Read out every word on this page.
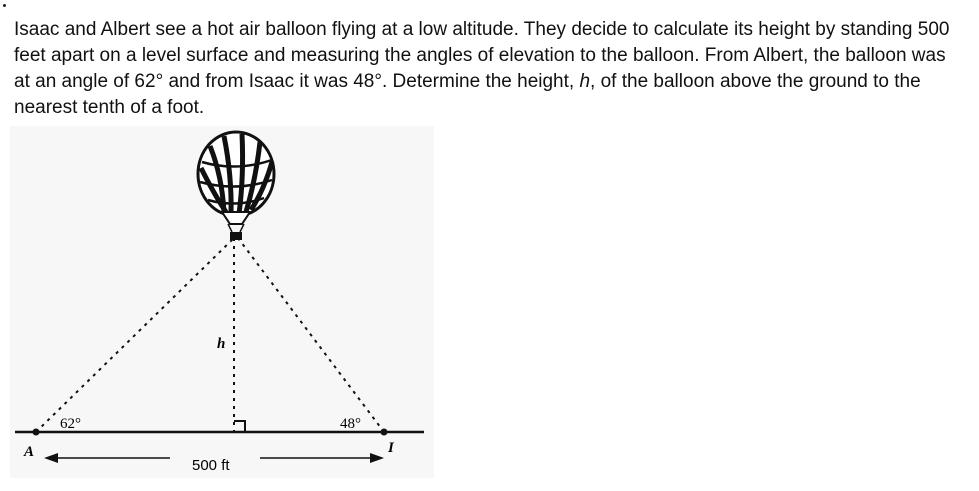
Isaac and Albert see a hot air balloon flying at a low altitude. They decide to calculate its height by standing 500 feet apart on a level surface and measuring the angles of elevation to the balloon. From Albert, the balloon was at an angle of 62° and from Isaac it was 48°. Determine the height, h, of the balloon above the ground to the nearest tenth of a foot.
A	I
62°	48°
h
500 ft
